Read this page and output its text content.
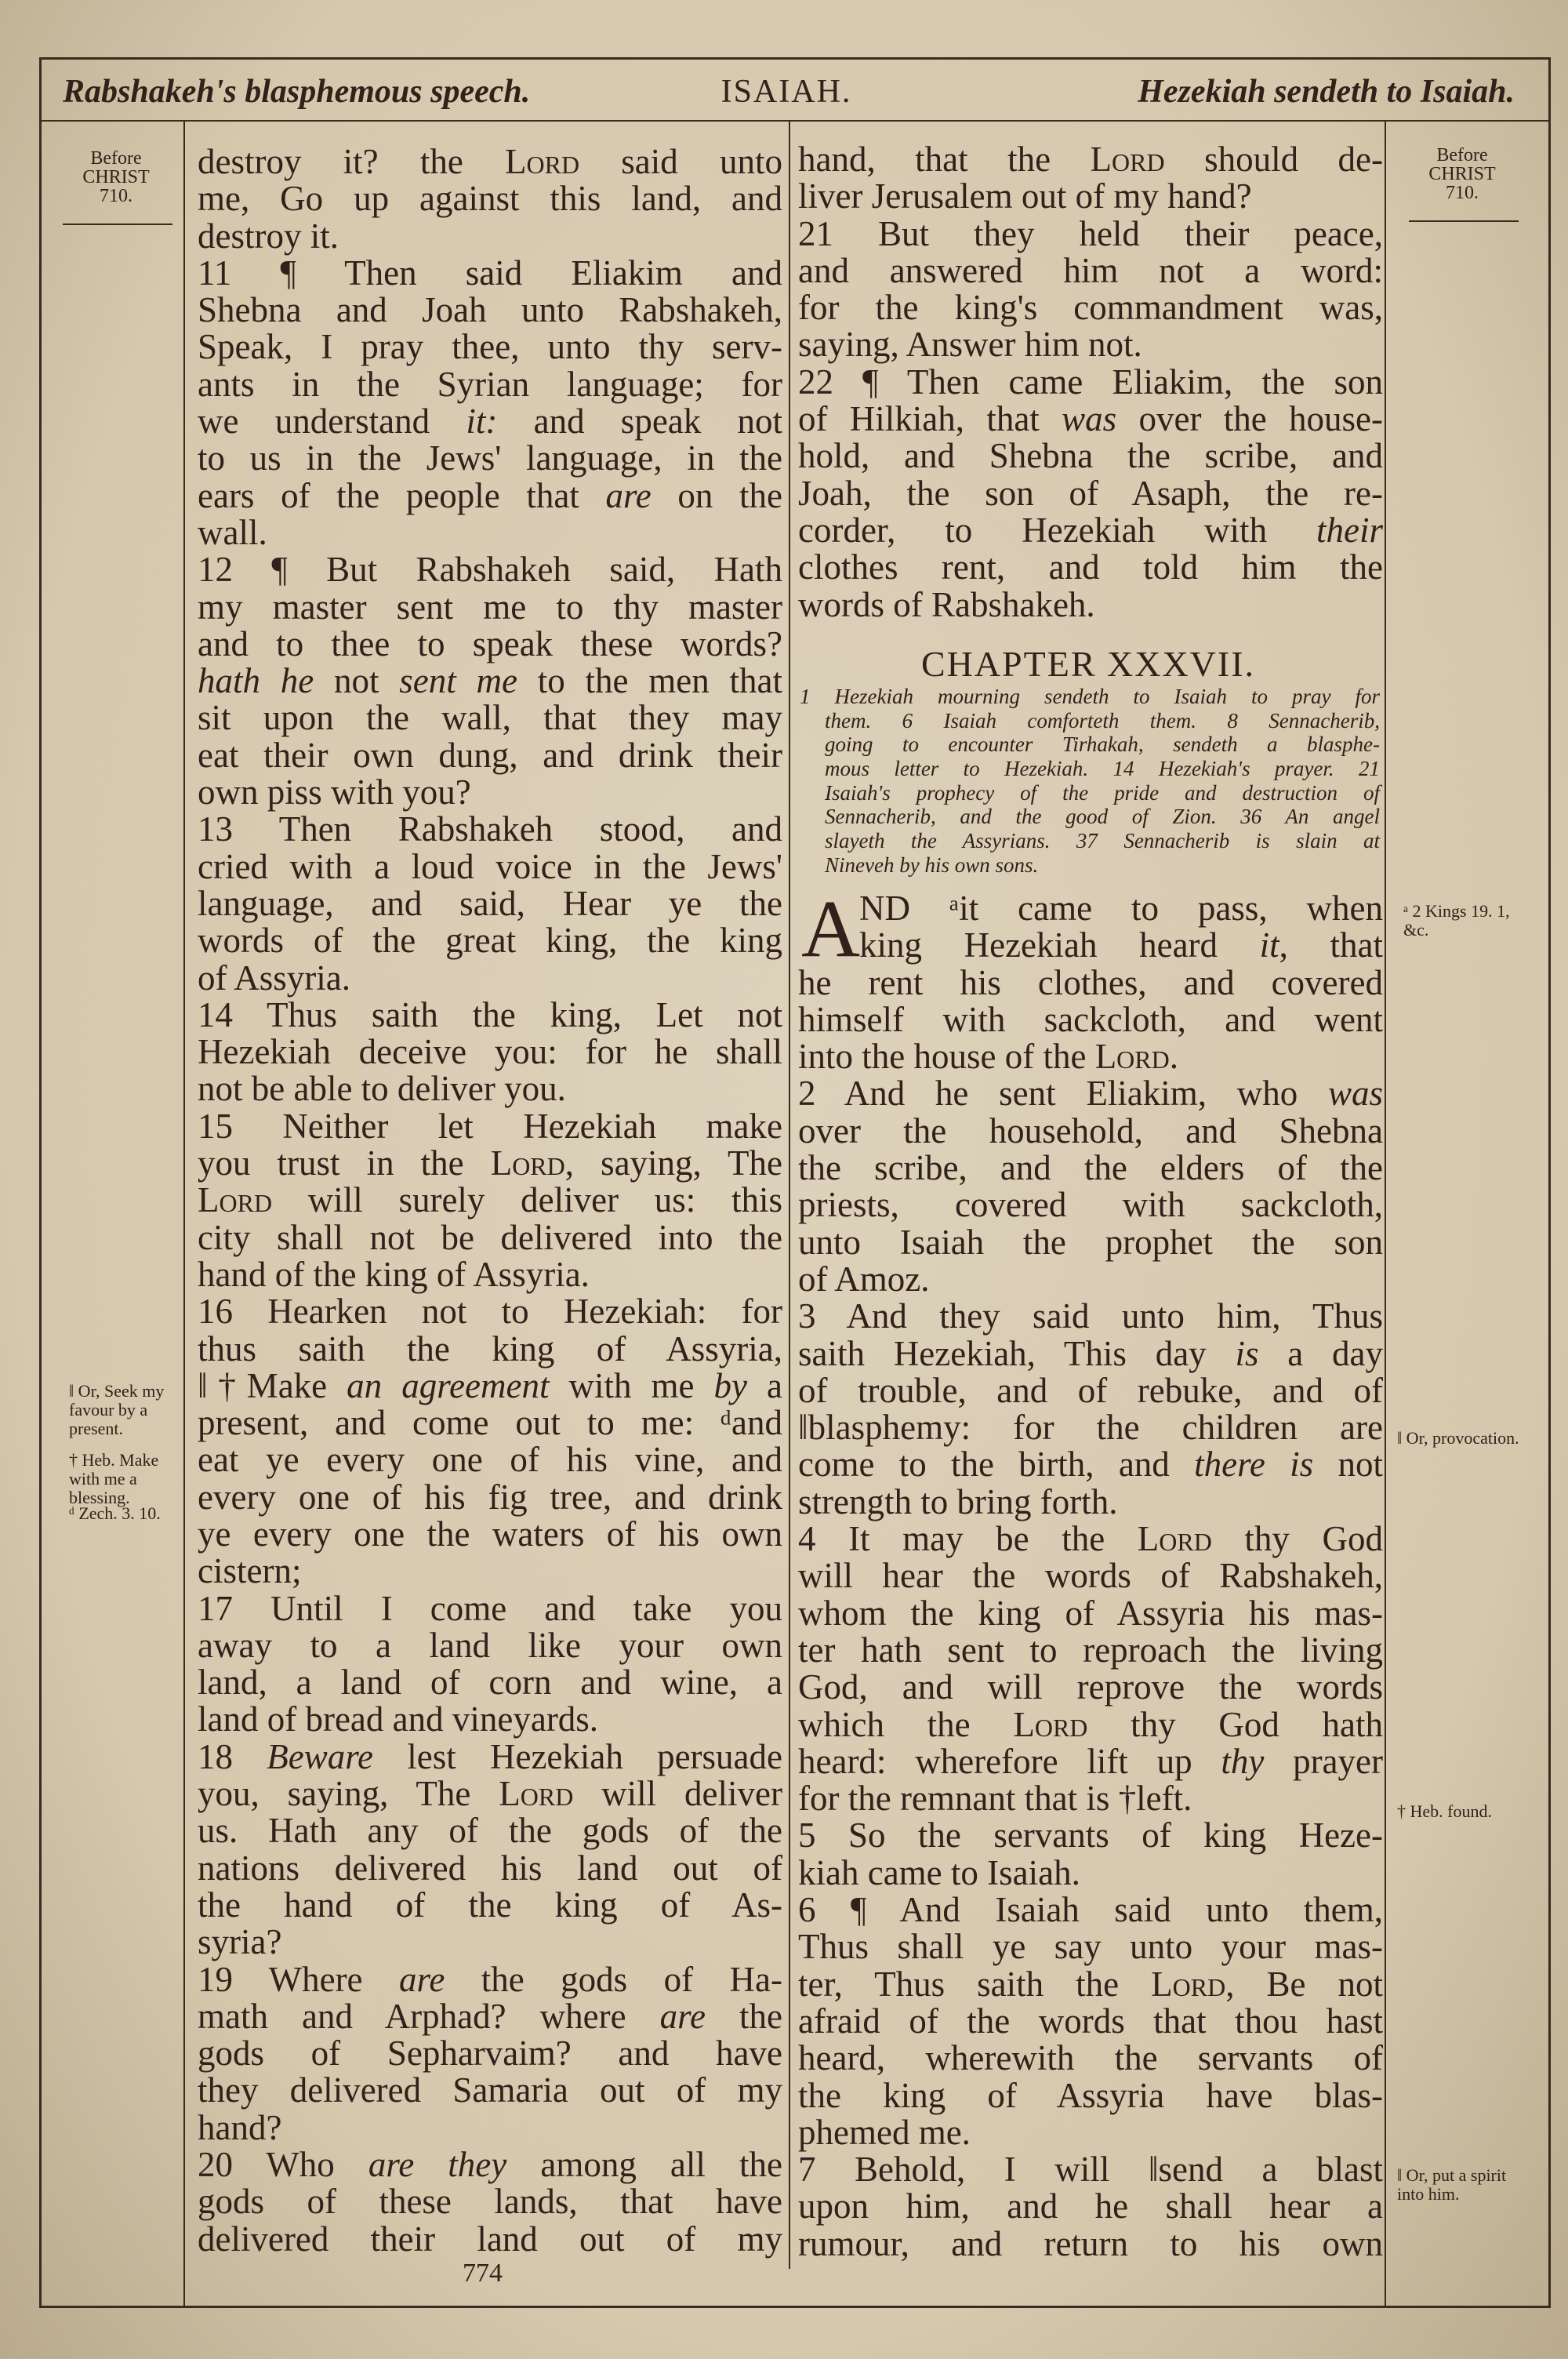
Rabshakeh's blasphemous speech.	ISAIAH.	Hezekiah sendeth to Isaiah.
Before
CHRIST
710.
Before
CHRIST
710.
‖ Or, Seek my favour by a present.
† Heb. Make with me a blessing.
ᵈ Zech. 3. 10.
ᵃ 2 Kings 19. 1, &c.
‖ Or, provocation.
† Heb. found.
‖ Or, put a spirit into him.
destroy it? the Lord said unto
me, Go up against this land, and
destroy it.
11 ¶ Then said Eliakim and
Shebna and Joah unto Rabshakeh,
Speak, I pray thee, unto thy serv-
ants in the Syrian language; for
we understand it: and speak not
to us in the Jews' language, in the
ears of the people that are on the
wall.
12 ¶ But Rabshakeh said, Hath
my master sent me to thy master
and to thee to speak these words?
hath he not sent me to the men that
sit upon the wall, that they may
eat their own dung, and drink their
own piss with you?
13 Then Rabshakeh stood, and
cried with a loud voice in the Jews'
language, and said, Hear ye the
words of the great king, the king
of Assyria.
14 Thus saith the king, Let not
Hezekiah deceive you: for he shall
not be able to deliver you.
15 Neither let Hezekiah make
you trust in the Lord, saying, The
Lord will surely deliver us: this
city shall not be delivered into the
hand of the king of Assyria.
16 Hearken not to Hezekiah: for
thus saith the king of Assyria,
‖†Make an agreement with me by a
present, and come out to me: ᵈand
eat ye every one of his vine, and
every one of his fig tree, and drink
ye every one the waters of his own
cistern;
17 Until I come and take you
away to a land like your own
land, a land of corn and wine, a
land of bread and vineyards.
18 Beware lest Hezekiah persuade
you, saying, The Lord will deliver
us. Hath any of the gods of the
nations delivered his land out of
the hand of the king of As-
syria?
19 Where are the gods of Ha-
math and Arphad? where are the
gods of Sepharvaim? and have
they delivered Samaria out of my
hand?
20 Who are they among all the
gods of these lands, that have
delivered their land out of my
hand, that the Lord should de-
liver Jerusalem out of my hand?
21 But they held their peace,
and answered him not a word:
for the king's commandment was,
saying, Answer him not.
22 ¶ Then came Eliakim, the son
of Hilkiah, that was over the house-
hold, and Shebna the scribe, and
Joah, the son of Asaph, the re-
corder, to Hezekiah with their
clothes rent, and told him the
words of Rabshakeh.
CHAPTER XXXVII.
1 Hezekiah mourning sendeth to Isaiah to pray for
them. 6 Isaiah comforteth them. 8 Sennacherib,
going to encounter Tirhakah, sendeth a blasphe-
mous letter to Hezekiah. 14 Hezekiah's prayer. 21
Isaiah's prophecy of the pride and destruction of
Sennacherib, and the good of Zion. 36 An angel
slayeth the Assyrians. 37 Sennacherib is slain at
Nineveh by his own sons.
A
ND ᵃit came to pass, when
king Hezekiah heard it, that
he rent his clothes, and covered
himself with sackcloth, and went
into the house of the Lord.
2 And he sent Eliakim, who was
over the household, and Shebna
the scribe, and the elders of the
priests, covered with sackcloth,
unto Isaiah the prophet the son
of Amoz.
3 And they said unto him, Thus
saith Hezekiah, This day is a day
of trouble, and of rebuke, and of
‖blasphemy: for the children are
come to the birth, and there is not
strength to bring forth.
4 It may be the Lord thy God
will hear the words of Rabshakeh,
whom the king of Assyria his mas-
ter hath sent to reproach the living
God, and will reprove the words
which the Lord thy God hath
heard: wherefore lift up thy prayer
for the remnant that is †left.
5 So the servants of king Heze-
kiah came to Isaiah.
6 ¶ And Isaiah said unto them,
Thus shall ye say unto your mas-
ter, Thus saith the Lord, Be not
afraid of the words that thou hast
heard, wherewith the servants of
the king of Assyria have blas-
phemed me.
7 Behold, I will ‖send a blast
upon him, and he shall hear a
rumour, and return to his own
774
